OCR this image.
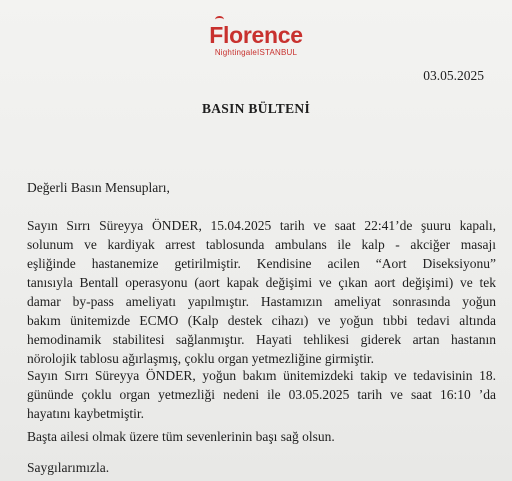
Florence
NightingaleISTANBUL
03.05.2025
BASIN BÜLTENİ
Değerli Basın Mensupları,
Sayın Sırrı Süreyya ÖNDER, 15.04.2025 tarih ve saat 22:41’de şuuru kapalı,
solunum ve kardiyak arrest tablosunda ambulans ile kalp - akciğer masajı
eşliğinde hastanemize getirilmiştir. Kendisine acilen “Aort Diseksiyonu”
tanısıyla Bentall operasyonu (aort kapak değişimi ve çıkan aort değişimi) ve tek
damar by-pass ameliyatı yapılmıştır. Hastamızın ameliyat sonrasında yoğun
bakım ünitemizde ECMO (Kalp destek cihazı) ve yoğun tıbbi tedavi altında
hemodinamik stabilitesi sağlanmıştır. Hayati tehlikesi giderek artan hastanın
nörolojik tablosu ağırlaşmış, çoklu organ yetmezliğine girmiştir.
Sayın Sırrı Süreyya ÖNDER, yoğun bakım ünitemizdeki takip ve tedavisinin 18.
gününde çoklu organ yetmezliği nedeni ile 03.05.2025 tarih ve saat 16:10 ’da
hayatını kaybetmiştir.
Başta ailesi olmak üzere tüm sevenlerinin başı sağ olsun.
Saygılarımızla.
